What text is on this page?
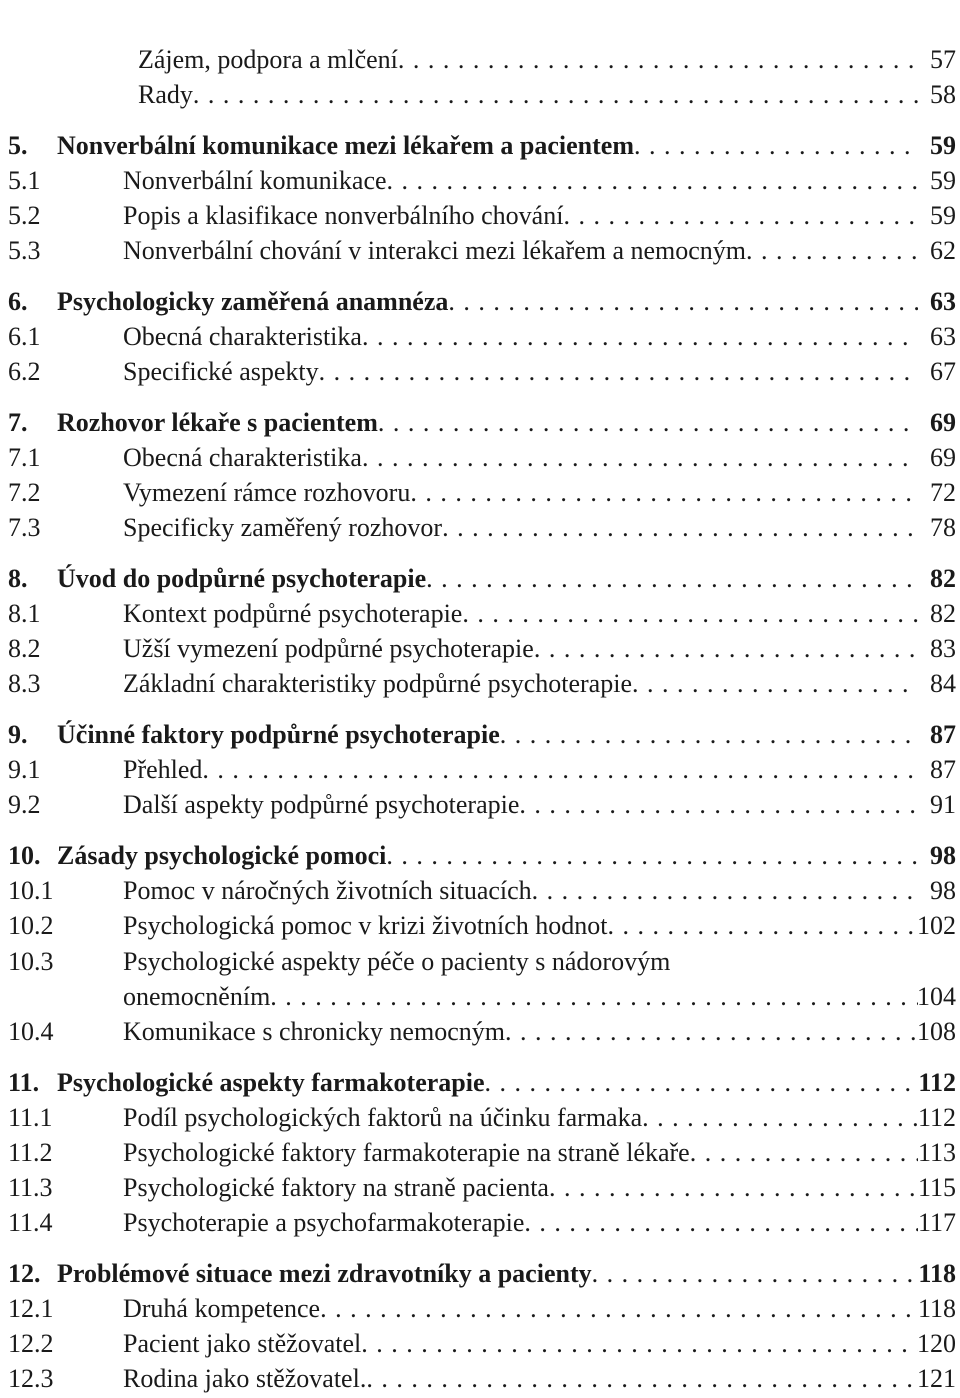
Zájem, podpora a mlčení . . .	57
Rady . . .	58
5. Nonverbální komunikace mezi lékařem a pacientem . . .	59
5.1	Nonverbální komunikace . . .	59
5.2	Popis a klasifikace nonverbálního chování . . .	59
5.3	Nonverbální chování v interakci mezi lékařem a nemocným . . .	62
6. Psychologicky zaměřená anamnéza . . .	63
6.1	Obecná charakteristika . . .	63
6.2	Specifické aspekty . . .	67
7. Rozhovor lékaře s pacientem . . .	69
7.1	Obecná charakteristika . . .	69
7.2	Vymezení rámce rozhovoru . . .	72
7.3	Specificky zaměřený rozhovor . . .	78
8. Úvod do podpůrné psychoterapie . . .	82
8.1	Kontext podpůrné psychoterapie . . .	82
8.2	Užší vymezení podpůrné psychoterapie . . .	83
8.3	Základní charakteristiky podpůrné psychoterapie . . .	84
9. Účinné faktory podpůrné psychoterapie . . .	87
9.1	Přehled . . .	87
9.2	Další aspekty podpůrné psychoterapie . . .	91
10. Zásady psychologické pomoci . . .	98
10.1	Pomoc v náročných životních situacích . . .	98
10.2	Psychologická pomoc v krizi životních hodnot . . .	102
10.3	Psychologické aspekty péče o pacienty s nádorovým
onemocněním . . .	104
10.4	Komunikace s chronicky nemocným . . .	108
11. Psychologické aspekty farmakoterapie . . .	112
11.1	Podíl psychologických faktorů na účinku farmaka . . .	112
11.2	Psychologické faktory farmakoterapie na straně lékaře . . .	113
11.3	Psychologické faktory na straně pacienta . . .	115
11.4	Psychoterapie a psychofarmakoterapie . . .	117
12. Problémové situace mezi zdravotníky a pacienty . . .	118
12.1	Druhá kompetence . . .	118
12.2	Pacient jako stěžovatel . . .	120
12.3	Rodina jako stěžovatel. . . .	121
